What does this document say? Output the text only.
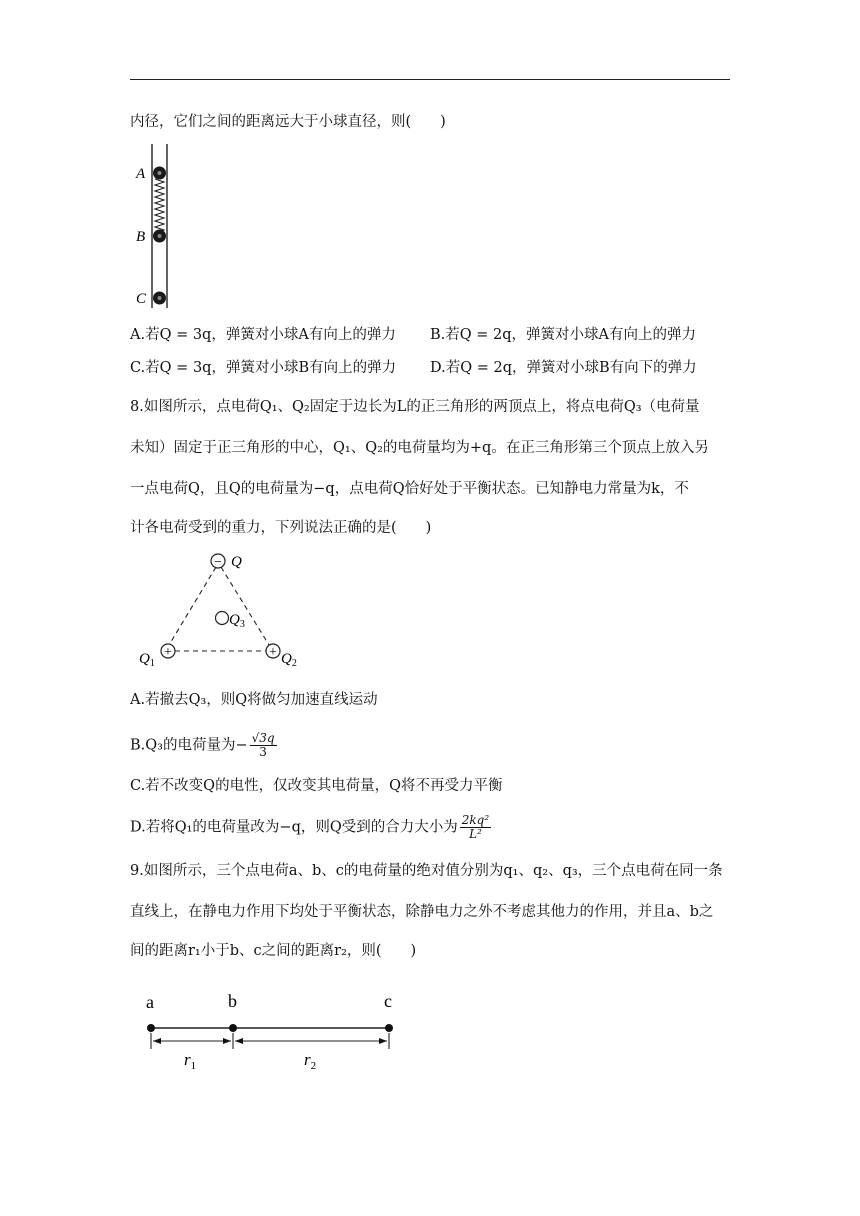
内径，它们之间的距离远大于小球直径，则(　　)
A
B
C
A.若Q = 3q，弹簧对小球A有向上的弹力 B.若Q = 2q，弹簧对小球A有向上的弹力
C.若Q = 3q，弹簧对小球B有向上的弹力 D.若Q = 2q，弹簧对小球B有向下的弹力
8.如图所示，点电荷Q₁、Q₂固定于边长为L的正三角形的两顶点上，将点电荷Q₃（电荷量
未知）固定于正三角形的中心，Q₁、Q₂的电荷量均为+q。在正三角形第三个顶点上放入另
一点电荷Q，且Q的电荷量为−q，点电荷Q恰好处于平衡状态。已知静电力常量为k，不
计各电荷受到的重力，下列说法正确的是(　　)
− Q
$Q_3$
+
$Q_1$
+ $Q_2$
A.若撤去Q₃，则Q将做匀加速直线运动
B.Q₃的电荷量为− $\frac{√3q}{3}$
C.若不改变Q的电性，仅改变其电荷量，Q将不再受力平衡
D.若将Q₁的电荷量改为−q，则Q受到的合力大小为 $\frac{\text{2kq²}}{\text{L²}}$
9.如图所示，三个点电荷a、b、c的电荷量的绝对值分别为q₁、q₂、q₃，三个点电荷在同一条
直线上，在静电力作用下均处于平衡状态，除静电力之外不考虑其他力的作用，并且a、b之
间的距离r₁小于b、c之间的距离r₂，则(　　)
a	b	c
$r_1$	$r_2$
